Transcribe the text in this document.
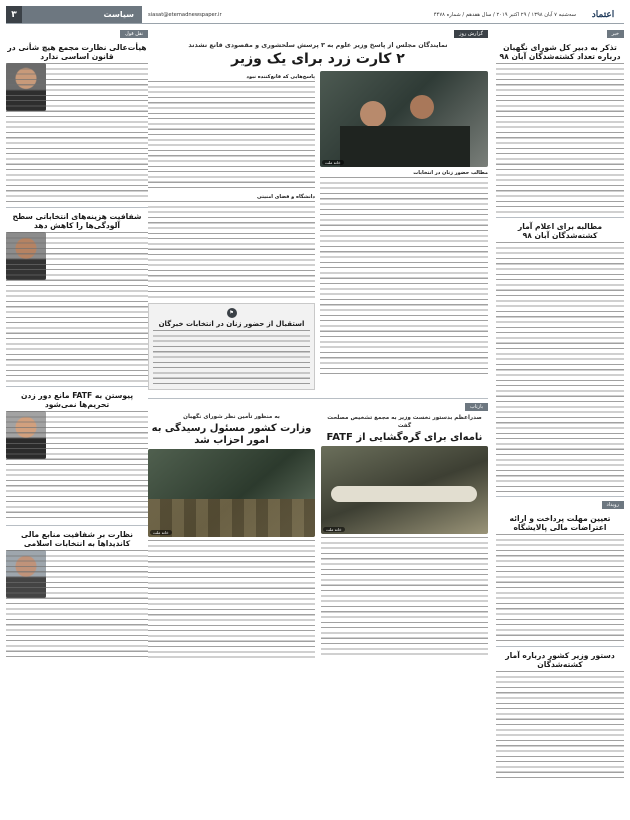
اعتماد
سه‌شنبه ۷ آبان ۱۳۹۸ / ۲۹ اکتبر ۲۰۱۹ / سال هفدهم / شماره ۴۴۷۸
siasat@etemadnewspaper.ir
سیاست
۳
خبر
تذکر به دبیر کل شورای نگهبان درباره تعداد کشته‌شدگان آبان ۹۸
مطالبه برای اعلام آمار کشته‌شدگان آبان ۹۸
رویداد
تعیین مهلت پرداخت و ارائه اعتراضات مالی پالایشگاه
دستور وزیر کشور درباره آمار کشته‌شدگان
گزارش روز
نمایندگان مجلس از پاسخ وزیر علوم به ۳ پرسش سلحشوری و مقصودی قانع نشدند
۲ کارت زرد برای یک وزیر
خانه ملت
مطالب حضور زنان در انتخابات
پاسخ‌هایی که قانع‌کننده نبود
دانشگاه و فضای امنیتی
⚑
استقبال از حضور زنان در انتخابات خبرگان
بازتاب
صدراعظم بدستور نخست وزیر به مجمع تشخیص مصلحت گفت
نامه‌ای برای گره‌گشایی از FATF
خانه ملت
به منظور تأمین نظر شورای نگهبان
وزارت کشور مسئول رسیدگی به امور احزاب شد
خانه ملت
نقل قول
هیأت‌عالی نظارت مجمع هیچ شأنی در قانون اساسی ندارد
شفافیت هزینه‌های انتخاباتی سطح آلودگی‌ها را کاهش دهد
پیوستن به FATF مانع دور زدن تحریم‌ها نمی‌شود
نظارت بر شفافیت منابع مالی کاندیداها به انتخابات اسلامی
